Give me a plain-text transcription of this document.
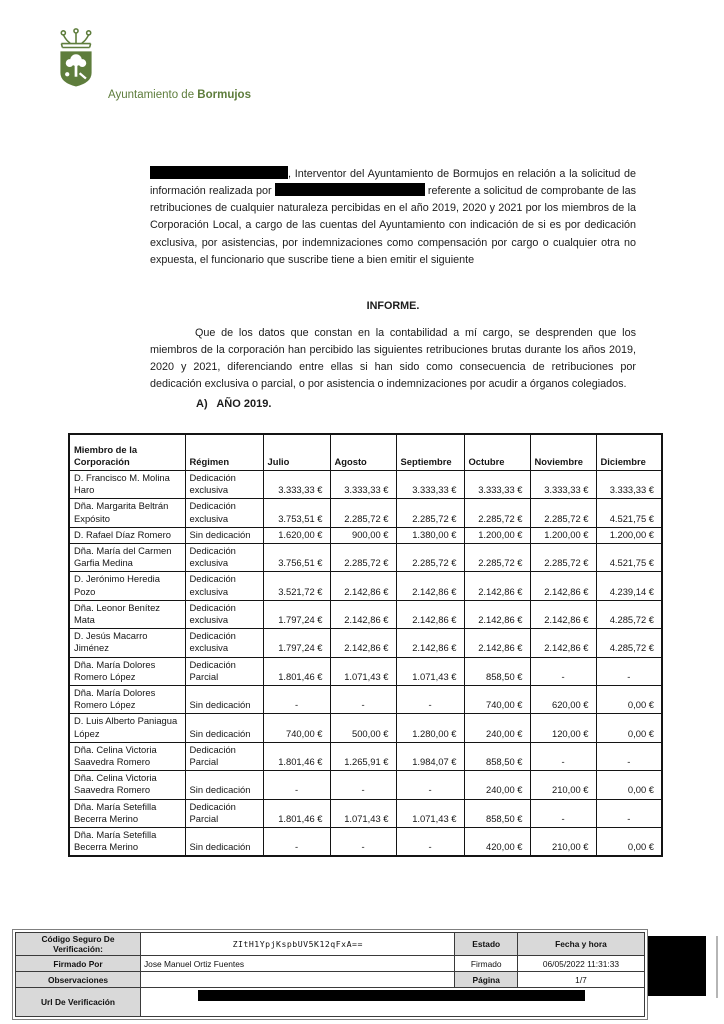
Ayuntamiento de Bormujos

, Interventor del Ayuntamiento de Bormujos en relación a la solicitud de información realizada por	referente a solicitud de comprobante de las retribuciones de cualquier naturaleza percibidas en el año 2019, 2020 y 2021 por los miembros de la Corporación Local, a cargo de las cuentas del Ayuntamiento con indicación de si es por dedicación exclusiva, por asistencias, por indemnizaciones como compensación por cargo o cualquier otra no expuesta, el funcionario que suscribe tiene a bien emitir el siguiente

INFORME.

Que de los datos que constan en la contabilidad a mí cargo, se desprenden que los miembros de la corporación han percibido las siguientes retribuciones brutas durante los años 2019, 2020 y 2021, diferenciando entre ellas si han sido como consecuencia de retribuciones por dedicación exclusiva o parcial, o por asistencia o indemnizaciones por acudir a órganos colegiados.

A)   AÑO 2019.
Miembro de la Corporación	Régimen	Julio	Agosto	Septiembre	Octubre	Noviembre	Diciembre
D. Francisco M. Molina Haro	Dedicación exclusiva	3.333,33 €	3.333,33 €	3.333,33 €	3.333,33 €	3.333,33 €	3.333,33 €
Dña. Margarita Beltrán Expósito	Dedicación exclusiva	3.753,51 €	2.285,72 €	2.285,72 €	2.285,72 €	2.285,72 €	4.521,75 €
D. Rafael Díaz Romero	Sin dedicación	1.620,00 €	900,00 €	1.380,00 €	1.200,00 €	1.200,00 €	1.200,00 €
Dña. María del Carmen Garfia Medina	Dedicación exclusiva	3.756,51 €	2.285,72 €	2.285,72 €	2.285,72 €	2.285,72 €	4.521,75 €
D. Jerónimo Heredia Pozo	Dedicación exclusiva	3.521,72 €	2.142,86 €	2.142,86 €	2.142,86 €	2.142,86 €	4.239,14 €
Dña. Leonor Benítez Mata	Dedicación exclusiva	1.797,24 €	2.142,86 €	2.142,86 €	2.142,86 €	2.142,86 €	4.285,72 €
D. Jesús Macarro Jiménez	Dedicación exclusiva	1.797,24 €	2.142,86 €	2.142,86 €	2.142,86 €	2.142,86 €	4.285,72 €
Dña. María Dolores Romero López	Dedicación Parcial	1.801,46 €	1.071,43 €	1.071,43 €	858,50 €	-	-
Dña. María Dolores Romero López	Sin dedicación	-	-	-	740,00 €	620,00 €	0,00 €
D. Luis Alberto Paniagua López	Sin dedicación	740,00 €	500,00 €	1.280,00 €	240,00 €	120,00 €	0,00 €
Dña. Celina Victoria Saavedra Romero	Dedicación Parcial	1.801,46 €	1.265,91 €	1.984,07 €	858,50 €	-	-
Dña. Celina Victoria Saavedra Romero	Sin dedicación	-	-	-	240,00 €	210,00 €	0,00 €
Dña. María Setefilla Becerra Merino	Dedicación Parcial	1.801,46 €	1.071,43 €	1.071,43 €	858,50 €	-	-
Dña. María Setefilla Becerra Merino	Sin dedicación	-	-	-	420,00 €	210,00 €	0,00 €
Código Seguro De Verificación:	ZItH1YpjKspbUV5K12qFxA==	Estado	Fecha y hora
Firmado Por	Jose Manuel Ortiz Fuentes	Firmado	06/05/2022 11:31:33
Observaciones		Página	1/7
Url De Verificación			
